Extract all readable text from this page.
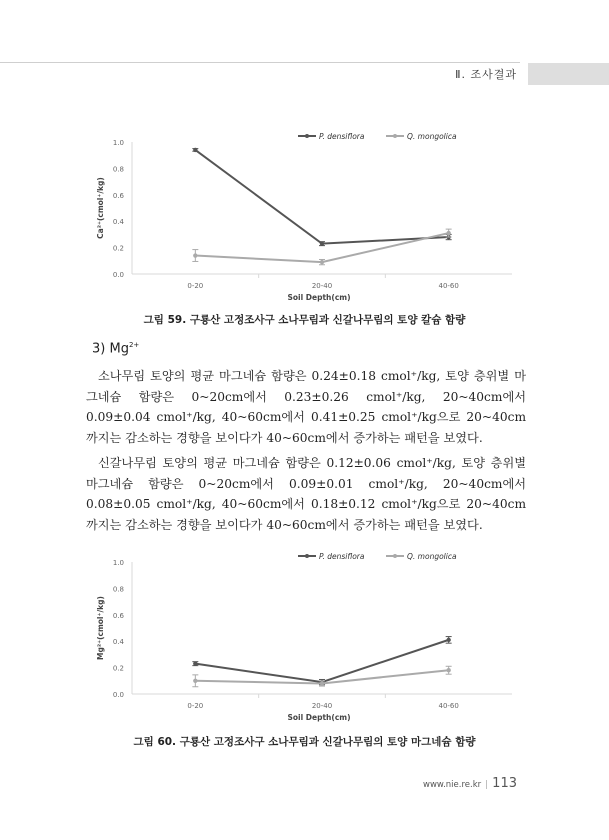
Ⅱ. 조사결과
0.0
0.2
0.4
0.6
0.8
1.0
0-20	20-40	40-60
Soil Depth(cm)
Ca²⁺(cmol⁺/kg)
P. densiflora	Q. mongolica
그림 59. 구룡산 고정조사구 소나무림과 신갈나무림의 토양 칼슘 함량
3) $Mg^{2+}$
소나무림 토양의 평균 마그네슘 함량은 0.24±0.18 cmol⁺/kg, 토양 층위별 마그네슘 함량은 0~20cm에서 0.23±0.26 cmol⁺/kg, 20~40cm에서 0.09±0.04 cmol⁺/kg, 40~60cm에서 0.41±0.25 cmol⁺/kg으로 20~40cm까지는 감소하는 경향을 보이다가 40~60cm에서 증가하는 패턴을 보였다.
신갈나무림 토양의 평균 마그네슘 함량은 0.12±0.06 cmol⁺/kg, 토양 층위별 마그네슘 함량은 0~20cm에서 0.09±0.01 cmol⁺/kg, 20~40cm에서 0.08±0.05 cmol⁺/kg, 40~60cm에서 0.18±0.12 cmol⁺/kg으로 20~40cm까지는 감소하는 경향을 보이다가 40~60cm에서 증가하는 패턴을 보였다.
0.0
0.2
0.4
0.6
0.8
1.0
0-20	20-40	40-60
Soil Depth(cm)
Mg²⁺(cmol⁺/kg)
P. densiflora	Q. mongolica
그림 60. 구룡산 고정조사구 소나무림과 신갈나무림의 토양 마그네슘 함량
www.nie.re.kr | 113
